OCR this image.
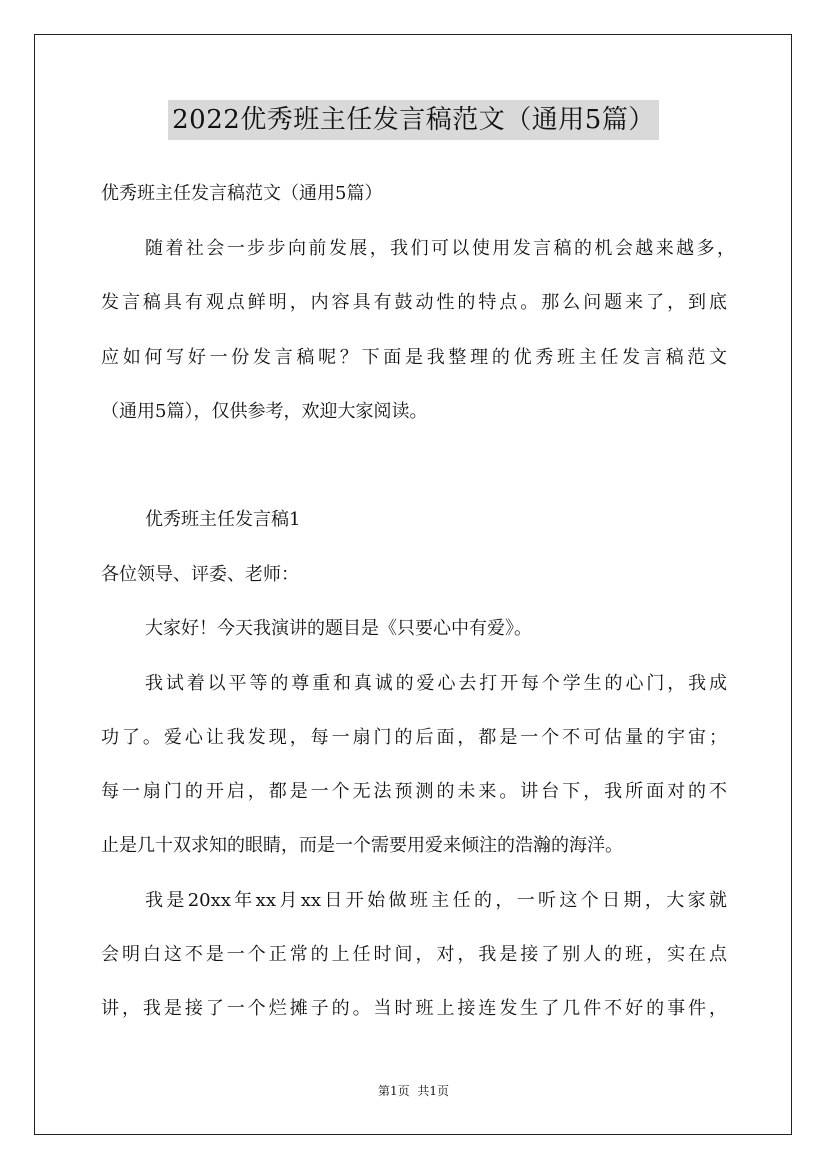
2022优秀班主任发言稿范文（通用5篇）
优秀班主任发言稿范文（通用5篇）
随着社会一步步向前发展，我们可以使用发言稿的机会越来越多，
发言稿具有观点鲜明，内容具有鼓动性的特点。那么问题来了，到底
应如何写好一份发言稿呢？下面是我整理的优秀班主任发言稿范文
（通用5篇），仅供参考，欢迎大家阅读。
优秀班主任发言稿1
各位领导、评委、老师：
大家好！今天我演讲的题目是《只要心中有爱》。
我试着以平等的尊重和真诚的爱心去打开每个学生的心门，我成
功了。爱心让我发现，每一扇门的后面，都是一个不可估量的宇宙；
每一扇门的开启，都是一个无法预测的未来。讲台下，我所面对的不
止是几十双求知的眼睛，而是一个需要用爱来倾注的浩瀚的海洋。
我是20xx年xx月xx日开始做班主任的，一听这个日期，大家就
会明白这不是一个正常的上任时间，对，我是接了别人的班，实在点
讲，我是接了一个烂摊子的。当时班上接连发生了几件不好的事件，
第1页 共1页
